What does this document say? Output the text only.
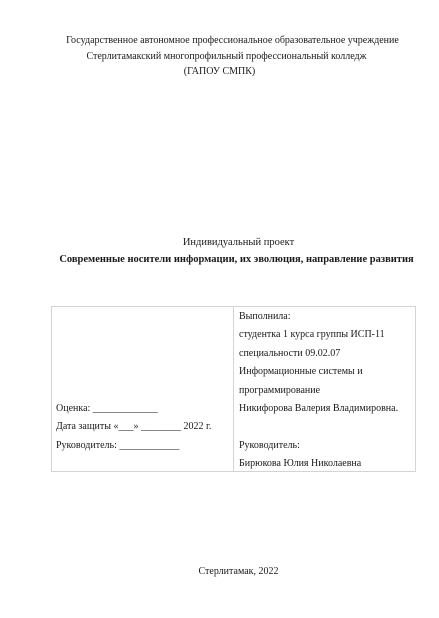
Государственное автономное профессиональное образовательное учреждение
Стерлитамакский многопрофильный профессиональный колледж
(ГАПОУ СМПК)
Индивидуальный проект
Современные носители информации, их эволюция, направление развития
Оценка: _____________
Дата защиты «___» ________ 2022 г.
Руководитель: ____________
Выполнила:
студентка 1 курса группы ИСП-11
специальности 09.02.07
Информационные системы и
программирование
Никифорова Валерия Владимировна.
Руководитель:
Бирюкова Юлия Николаевна
Стерлитамак, 2022
